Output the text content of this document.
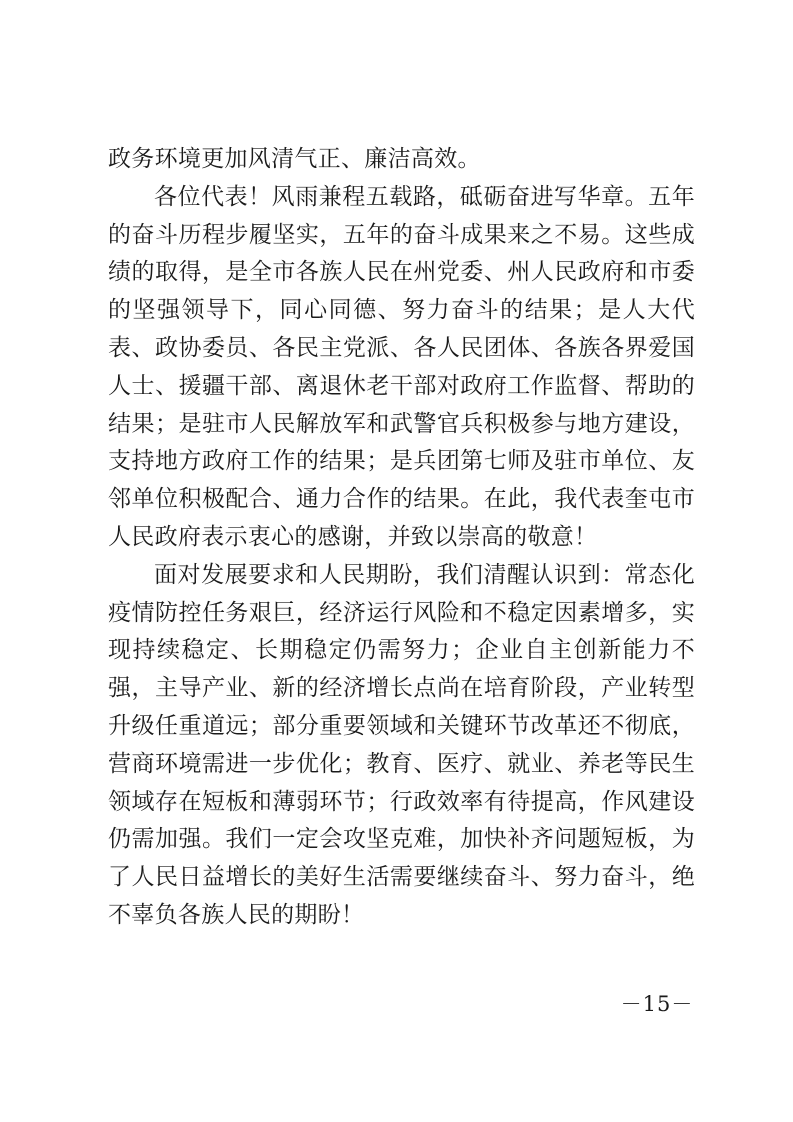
政务环境更加风清气正、廉洁高效。

各位代表！风雨兼程五载路，砥砺奋进写华章。五年的奋斗历程步履坚实，五年的奋斗成果来之不易。这些成绩的取得，是全市各族人民在州党委、州人民政府和市委的坚强领导下，同心同德、努力奋斗的结果；是人大代表、政协委员、各民主党派、各人民团体、各族各界爱国人士、援疆干部、离退休老干部对政府工作监督、帮助的结果；是驻市人民解放军和武警官兵积极参与地方建设，支持地方政府工作的结果；是兵团第七师及驻市单位、友邻单位积极配合、通力合作的结果。在此，我代表奎屯市人民政府表示衷心的感谢，并致以崇高的敬意！

面对发展要求和人民期盼，我们清醒认识到：常态化疫情防控任务艰巨，经济运行风险和不稳定因素增多，实现持续稳定、长期稳定仍需努力；企业自主创新能力不强，主导产业、新的经济增长点尚在培育阶段，产业转型升级任重道远；部分重要领域和关键环节改革还不彻底，营商环境需进一步优化；教育、医疗、就业、养老等民生领域存在短板和薄弱环节；行政效率有待提高，作风建设仍需加强。我们一定会攻坚克难，加快补齐问题短板，为了人民日益增长的美好生活需要继续奋斗、努力奋斗，绝不辜负各族人民的期盼！

－15－
